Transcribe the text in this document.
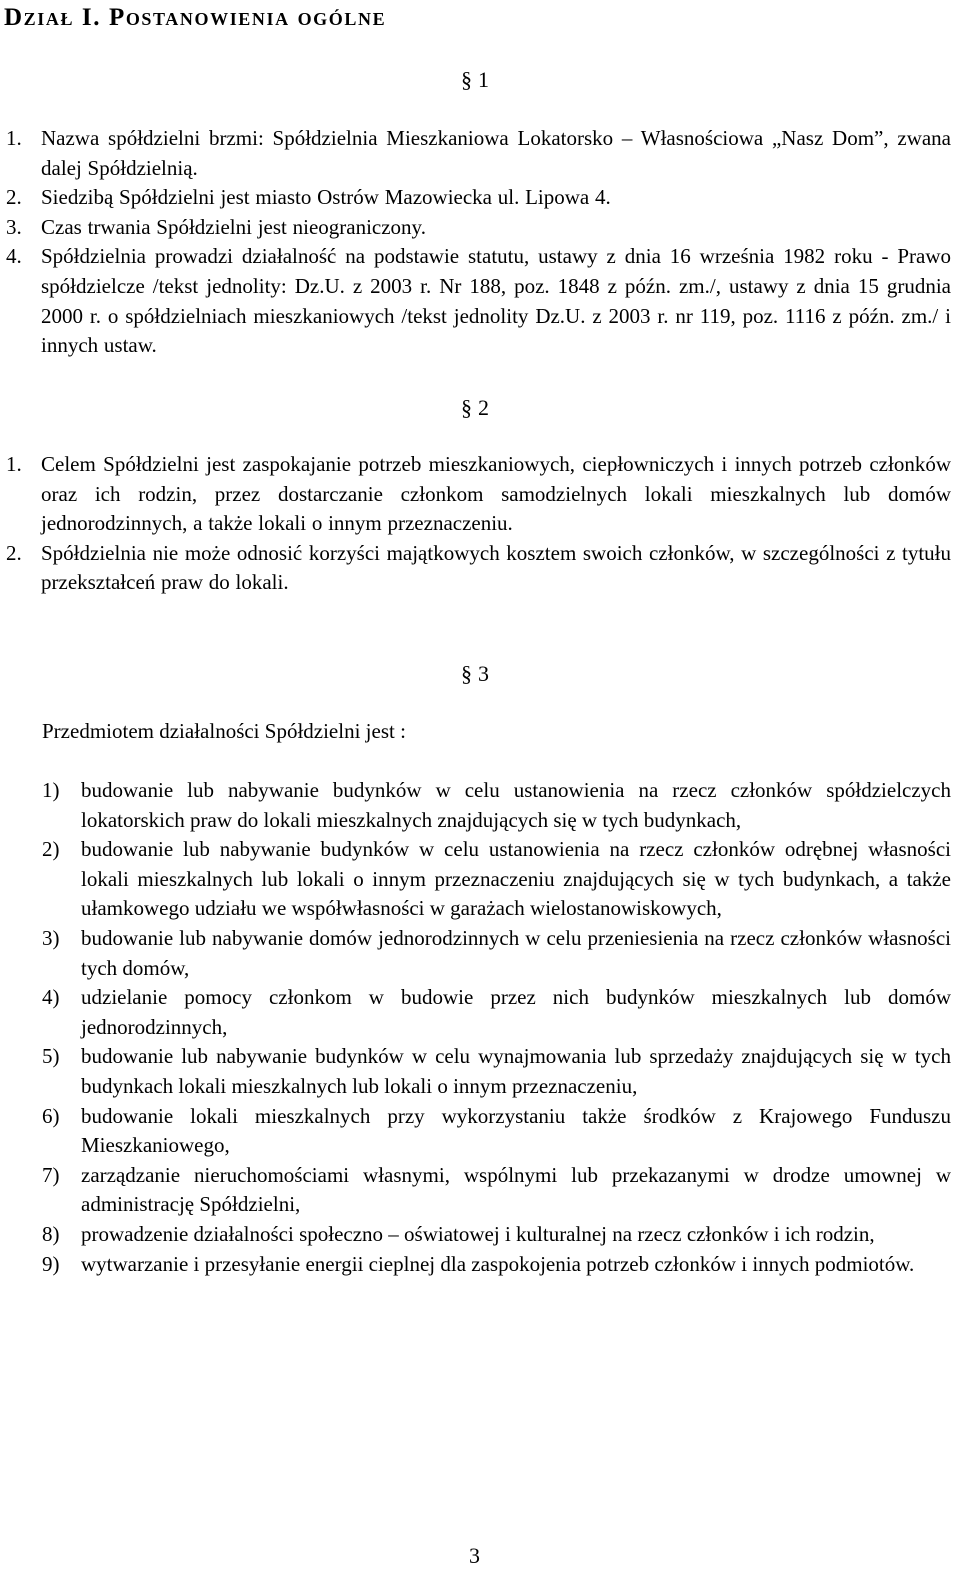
Dział I. Postanowienia ogólne
§ 1
1. Nazwa spółdzielni brzmi: Spółdzielnia Mieszkaniowa Lokatorsko – Własnościowa „Nasz Dom”, zwana dalej Spółdzielnią.
2. Siedzibą Spółdzielni jest miasto Ostrów Mazowiecka ul. Lipowa 4.
3. Czas trwania Spółdzielni jest nieograniczony.
4. Spółdzielnia prowadzi działalność na podstawie statutu, ustawy z dnia 16 września 1982 roku - Prawo spółdzielcze /tekst jednolity: Dz.U. z 2003 r. Nr 188, poz. 1848 z późn. zm./, ustawy z dnia 15 grudnia 2000 r. o spółdzielniach mieszkaniowych /tekst jednolity Dz.U. z 2003 r. nr 119, poz. 1116 z późn. zm./ i innych ustaw.
§ 2
1. Celem Spółdzielni jest zaspokajanie potrzeb mieszkaniowych, ciepłowniczych i innych potrzeb członków oraz ich rodzin, przez dostarczanie członkom samodzielnych lokali mieszkalnych lub domów jednorodzinnych, a także lokali o innym przeznaczeniu.
2. Spółdzielnia nie może odnosić korzyści majątkowych kosztem swoich członków, w szczególności z tytułu przekształceń praw do lokali.
§ 3
Przedmiotem działalności Spółdzielni jest :
1) budowanie lub nabywanie budynków w celu ustanowienia na rzecz członków spółdzielczych lokatorskich praw do lokali mieszkalnych znajdujących się w tych budynkach,
2) budowanie lub nabywanie budynków w celu ustanowienia na rzecz członków odrębnej własności lokali mieszkalnych lub lokali o innym przeznaczeniu znajdujących się w tych budynkach, a także ułamkowego udziału we współwłasności w garażach wielostanowiskowych,
3) budowanie lub nabywanie domów jednorodzinnych w celu przeniesienia na rzecz członków własności tych domów,
4) udzielanie pomocy członkom w budowie przez nich budynków mieszkalnych lub domów jednorodzinnych,
5) budowanie lub nabywanie budynków w celu wynajmowania lub sprzedaży znajdujących się w tych budynkach lokali mieszkalnych lub lokali o innym przeznaczeniu,
6) budowanie lokali mieszkalnych przy wykorzystaniu także środków z Krajowego Funduszu Mieszkaniowego,
7) zarządzanie nieruchomościami własnymi, wspólnymi lub przekazanymi w drodze umownej w administrację Spółdzielni,
8) prowadzenie działalności społeczno – oświatowej i kulturalnej na rzecz członków i ich rodzin,
9) wytwarzanie i przesyłanie energii cieplnej dla zaspokojenia potrzeb członków i innych podmiotów.
3
